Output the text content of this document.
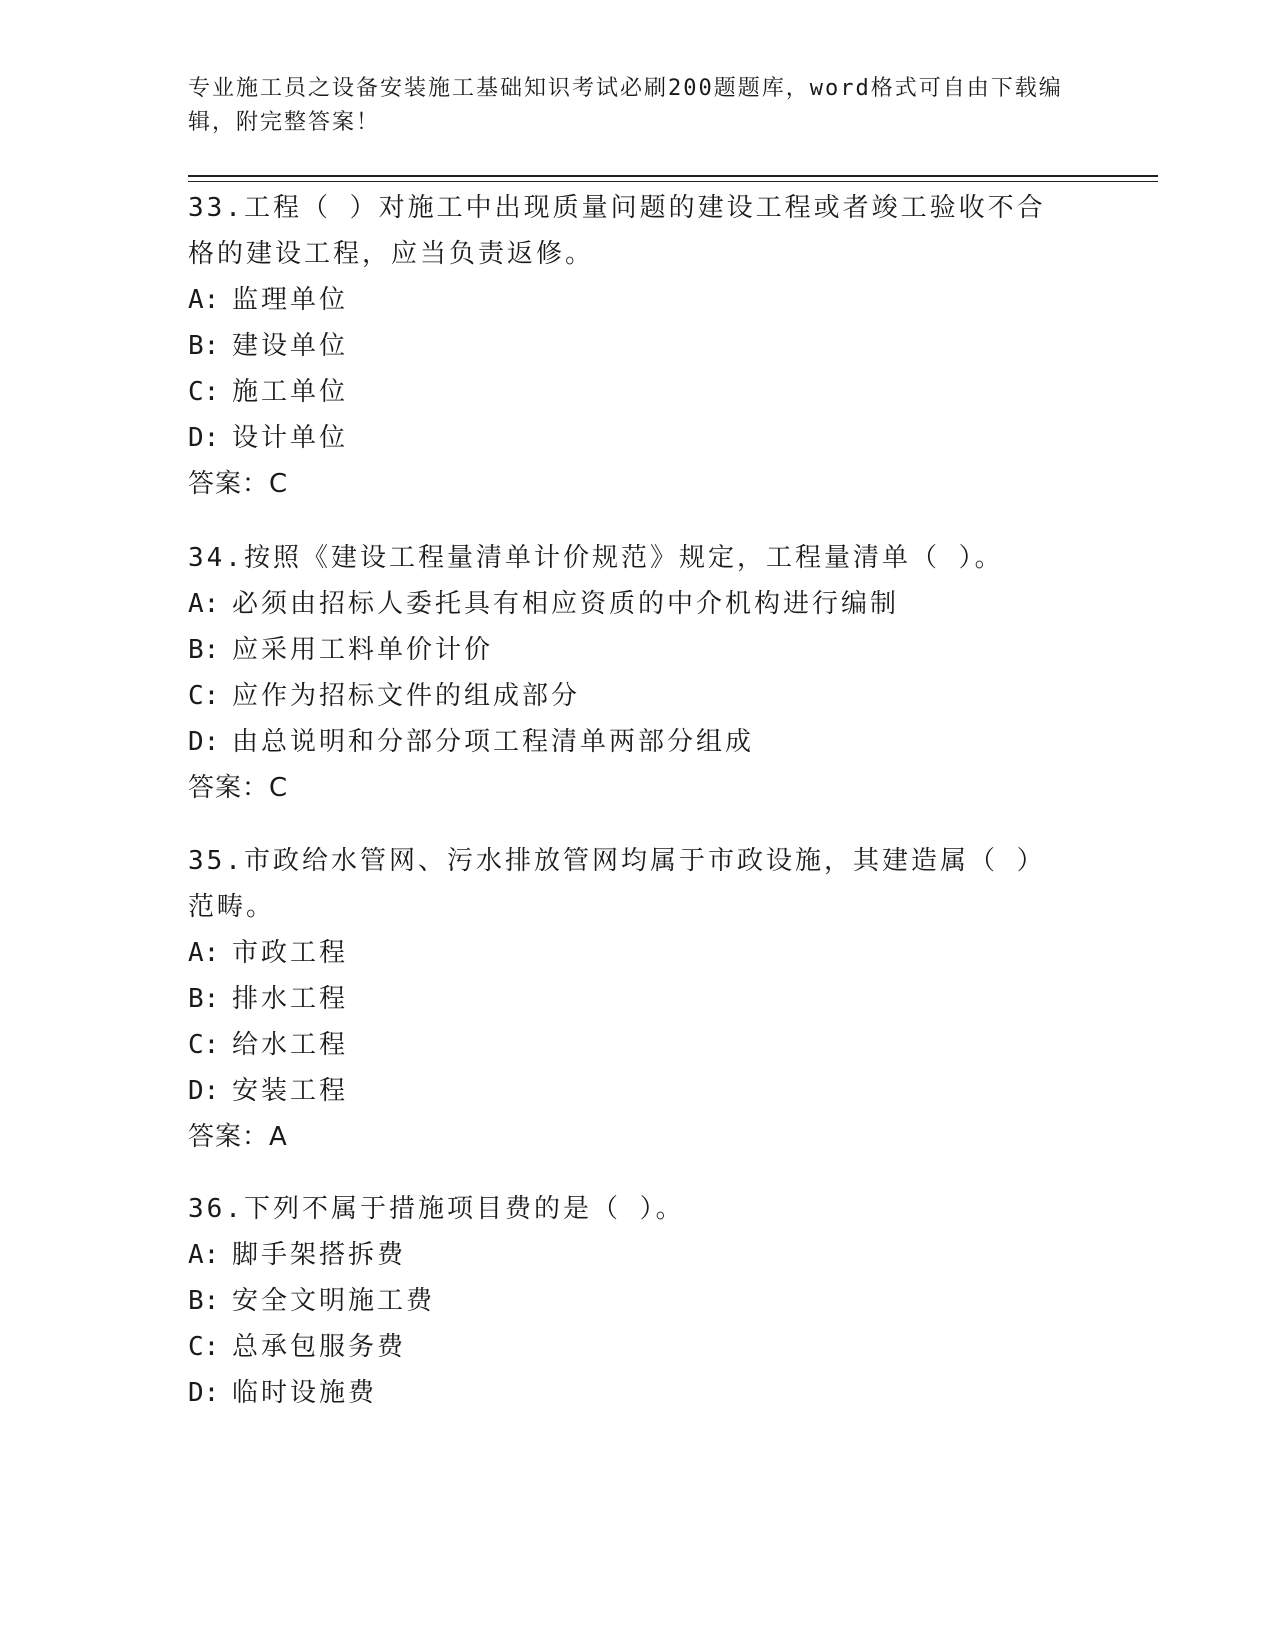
专业施工员之设备安装施工基础知识考试必刷200题题库，word格式可自由下载编辑，附完整答案！

33.工程（ ）对施工中出现质量问题的建设工程或者竣工验收不合格的建设工程，应当负责返修。

A: 监理单位

B: 建设单位

C: 施工单位

D: 设计单位

答案：C

34.按照《建设工程量清单计价规范》规定，工程量清单（ ）。

A: 必须由招标人委托具有相应资质的中介机构进行编制

B: 应采用工料单价计价

C: 应作为招标文件的组成部分

D: 由总说明和分部分项工程清单两部分组成

答案：C

35.市政给水管网、污水排放管网均属于市政设施，其建造属（ ）范畴。

A: 市政工程

B: 排水工程

C: 给水工程

D: 安装工程

答案：A

36.下列不属于措施项目费的是（ ）。

A: 脚手架搭拆费

B: 安全文明施工费

C: 总承包服务费

D: 临时设施费
